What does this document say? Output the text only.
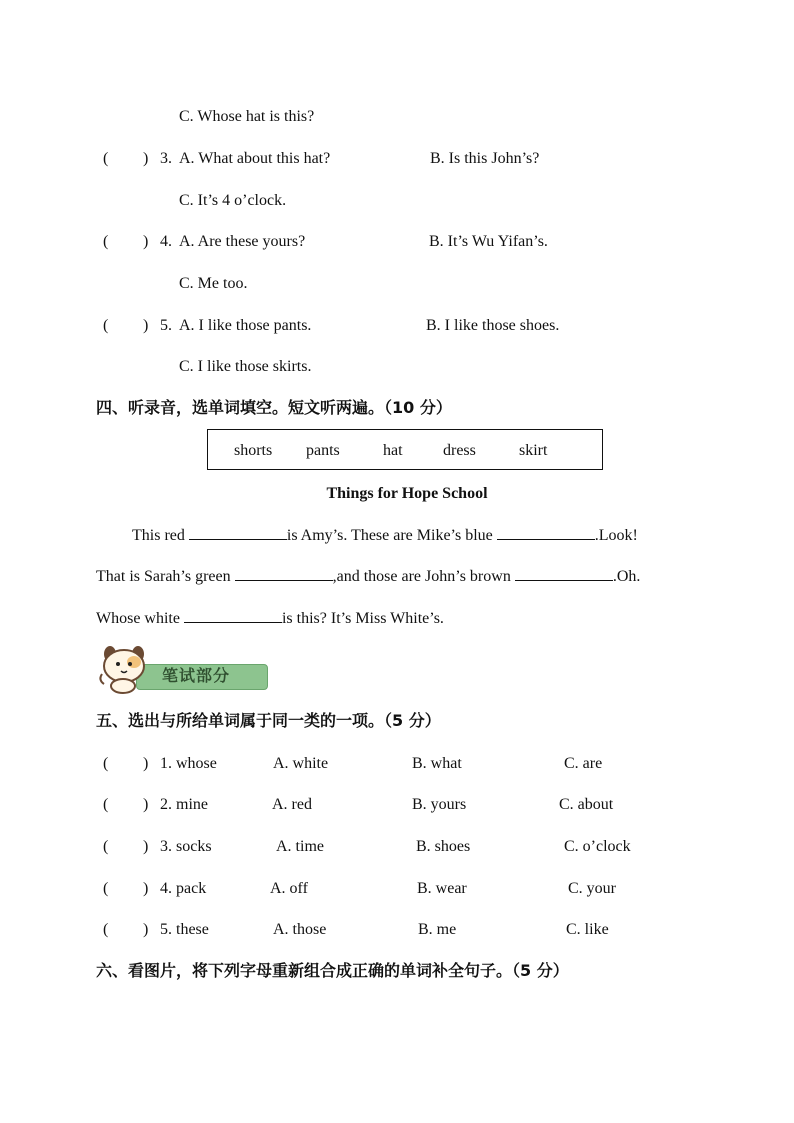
C. Whose hat is this?
( ) 3. A. What about this hat?	B. Is this John’s?
C. It’s 4 o’clock.
( ) 4. A. Are these yours?	B. It’s Wu Yifan’s.
C. Me too.
( ) 5. A. I like those pants.	B. I like those shoes.
C. I like those skirts.
四、听录音，选单词填空。短文听两遍。（10 分）
shorts pants	hat	dress	skirt
Things for Hope School
This red	is Amy’s. These are Mike’s blue	.Look!
That is Sarah’s green	,and those are John’s brown	.Oh.
Whose white	is this? It’s Miss White’s.
笔试部分
五、选出与所给单词属于同一类的一项。（5 分）
( ) 1. whose	A. white	B. what	C. are
( ) 2. mine	A. red	B. yours	C. about
( ) 3. socks	A. time	B. shoes	C. o’clock
( ) 4. pack	A. off	B. wear	C. your
( ) 5. these	A. those	B. me	C. like
六、看图片，将下列字母重新组合成正确的单词补全句子。（5 分）
